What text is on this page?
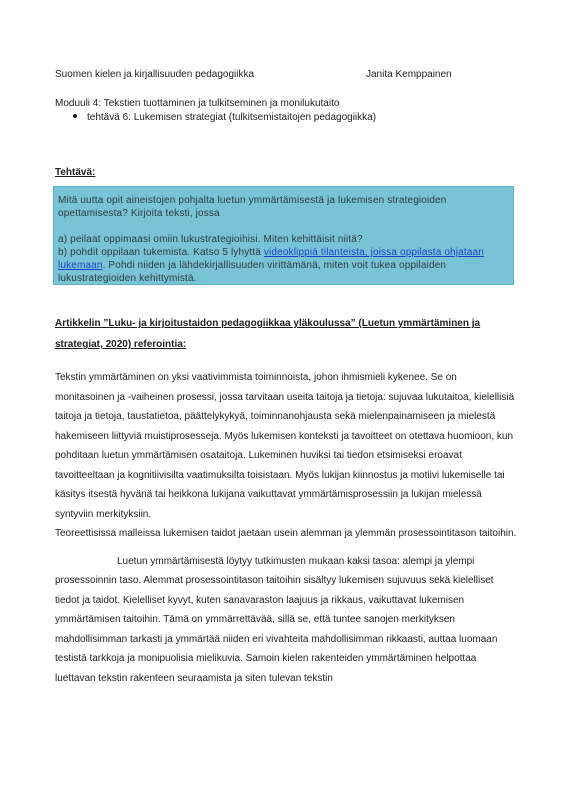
Suomen kielen ja kirjallisuuden pedagogiikka	Janita Kemppainen
Moduuli 4: Tekstien tuottaminen ja tulkitseminen ja monilukutaito
tehtävä 6: Lukemisen strategiat (tulkitsemistaitojen pedagogiikka)
Tehtävä:

Mitä uutta opit aineistojen pohjalta luetun ymmärtämisestä ja lukemisen strategioiden opettamisesta? Kirjoita teksti, jossa

a) peilaat oppimaasi omiin lukustrategioihisi. Miten kehittäisit niitä?

b) pohdit oppilaan tukemista. Katso 5 lyhyttä videoklippiä tilanteista, joissa oppilasta ohjataan lukemaan. Pohdi niiden ja lähdekirjallisuuden virittämänä, miten voit tukea oppilaiden lukustrategioiden kehittymistä.

Artikkelin ”Luku- ja kirjoitustaidon pedagogiikkaa yläkoulussa” (Luetun ymmärtäminen ja strategiat, 2020) referointia:

Tekstin ymmärtäminen on yksi vaativimmista toiminnoista, johon ihmismieli kykenee. Se on monitasoinen ja -vaiheinen prosessi, jossa tarvitaan useita taitoja ja tietoja: sujuvaa lukutaitoa, kielellisiä taitoja ja tietoja, taustatietoa, päättelykykyä, toiminnanohjausta sekä mielenpainamiseen ja mielestä hakemiseen liittyviä muistiprosesseja. Myös lukemisen konteksti ja tavoitteet on otettava huomioon, kun pohditaan luetun ymmärtämisen osataitoja. Lukeminen huviksi tai tiedon etsimiseksi eroavat tavoitteeltaan ja kognitiivisilta vaatimuksilta toisistaan. Myös lukijan kiinnostus ja motiivi lukemiselle tai käsitys itsestä hyvänä tai heikkona lukijana vaikuttavat ymmärtämisprosessiin ja lukijan mielessä syntyviin merkityksiin.

Teoreettisissa malleissa lukemisen taidot jaetaan usein alemman ja ylemmän prosessointitason taitoihin.

Luetun ymmärtämisestä löytyy tutkimusten mukaan kaksi tasoa: alempi ja ylempi prosessoinnin taso. Alemmat prosessointitason taitoihin sisältyy lukemisen sujuvuus sekä kielelliset tiedot ja taidot. Kielelliset kyvyt, kuten sanavaraston laajuus ja rikkaus, vaikuttavat lukemisen ymmärtämisen taitoihin. Tämä on ymmärrettävää, sillä se, että tuntee sanojen merkityksen mahdollisimman tarkasti ja ymmärtää niiden eri vivahteita mahdollisimman rikkaasti, auttaa luomaan testistä tarkkoja ja monipuolisia mielikuvia. Samoin kielen rakenteiden ymmärtäminen helpottaa luettavan tekstin rakenteen seuraamista ja siten tulevan tekstin
